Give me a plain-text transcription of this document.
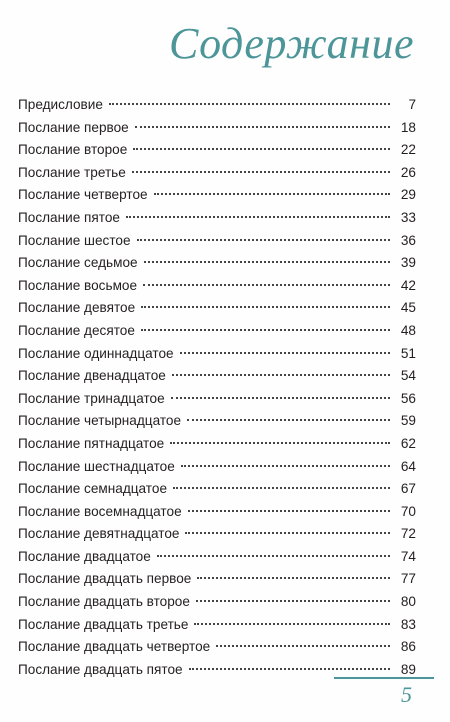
Содержание
Предисловие	7
Послание первое	18
Послание второе	22
Послание третье	26
Послание четвертое	29
Послание пятое	33
Послание шестое	36
Послание седьмое	39
Послание восьмое	42
Послание девятое	45
Послание десятое	48
Послание одиннадцатое	51
Послание двенадцатое	54
Послание тринадцатое	56
Послание четырнадцатое	59
Послание пятнадцатое	62
Послание шестнадцатое	64
Послание семнадцатое	67
Послание восемнадцатое	70
Послание девятнадцатое	72
Послание двадцатое	74
Послание двадцать первое	77
Послание двадцать второе	80
Послание двадцать третье	83
Послание двадцать четвертое	86
Послание двадцать пятое	89
5
